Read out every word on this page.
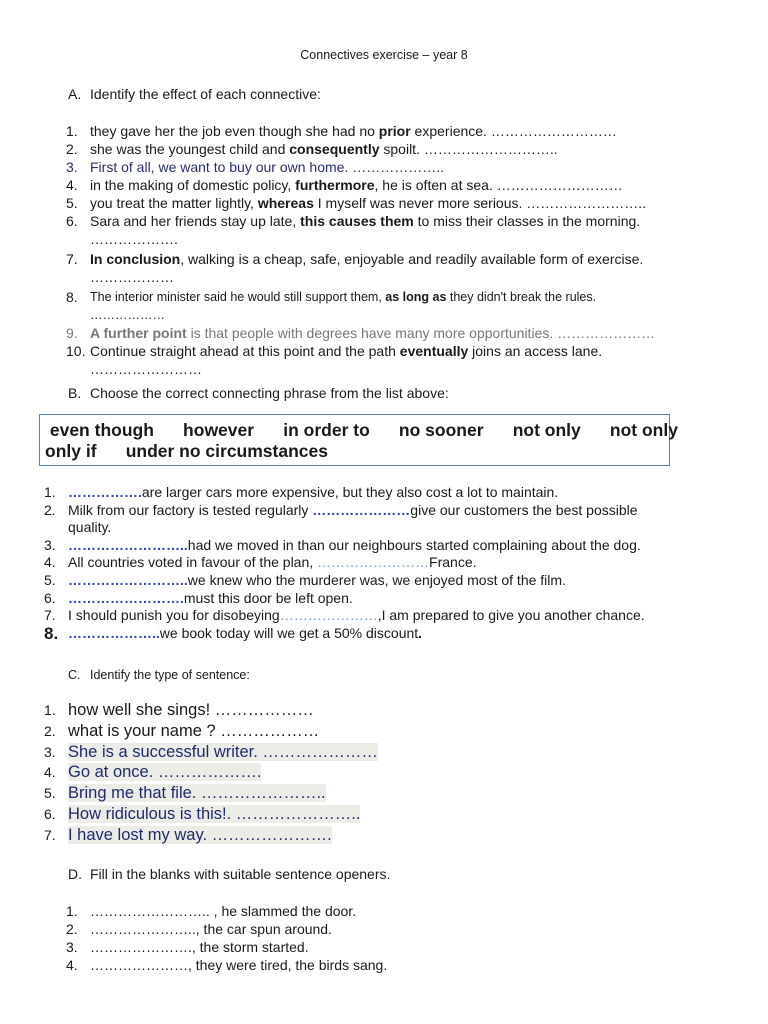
Connectives exercise – year 8
A. Identify the effect of each connective:
1. they gave her the job even though she had no prior experience. ………………………
2. she was the youngest child and consequently spoilt. ………………………..
3. First of all, we want to buy our own home. ………………..
4. in the making of domestic policy, furthermore, he is often at sea. ………………………
5. you treat the matter lightly, whereas I myself was never more serious. ……………………..
6. Sara and her friends stay up late, this causes them to miss their classes in the morning.
……………….
7. In conclusion, walking is a cheap, safe, enjoyable and readily available form of exercise.
………………
8. The interior minister said he would still support them, as long as they didn't break the rules.
………………
9. A further point is that people with degrees have many more opportunities. …………………
10. Continue straight ahead at this point and the path eventually joins an access lane.
……………………
B. Choose the correct connecting phrase from the list above:
even though      however      in order to      no sooner      not only      not only
only if      under no circumstances
1. …………….are larger cars more expensive, but they also cost a lot to maintain.
2. Milk from our factory is tested regularly …………………give our customers the best possible
quality.
3. ……………………..had we moved in than our neighbours started complaining about the dog.
4. All countries voted in favour of the plan, ……………………France.
5. ……………………..we knew who the murderer was, we enjoyed most of the film.
6. …………………….must this door be left open.
7. I should punish you for disobeying…………………,I am prepared to give you another chance.
8. ………………..we book today will we get a 50% discount.
C. Identify the type of sentence:
1. how well she sings! ………………
2. what is your name ? ………………
3. She is a successful writer. …………………
4. Go at once. ……………….
5. Bring me that file. …………………..
6. How ridiculous is this!. …………………..
7. I have lost my way. ………………….
D. Fill in the blanks with suitable sentence openers.
1. …………………….. , he slammed the door.
2. ………………….., the car spun around.
3. …………………., the storm started.
4. …………………, they were tired, the birds sang.
